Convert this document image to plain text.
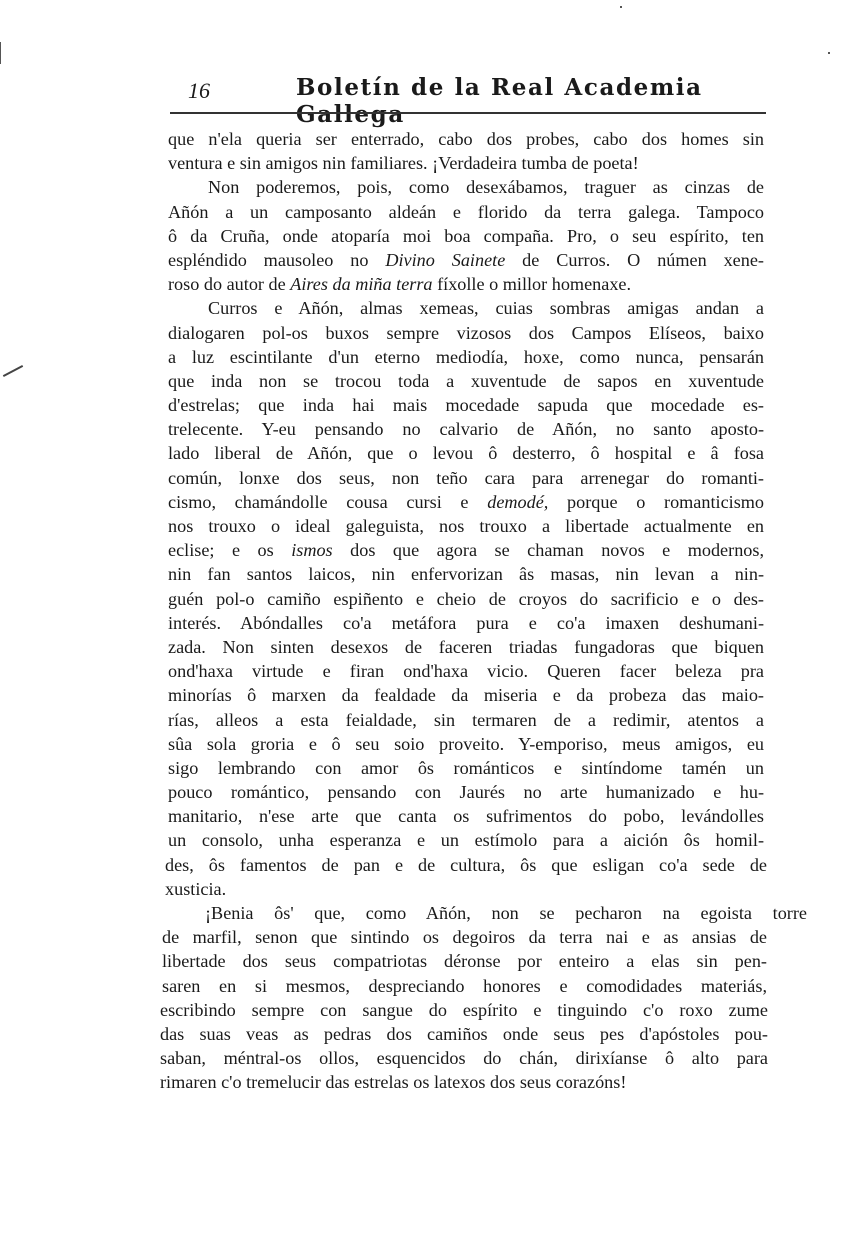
16	Boletín de la Real Academia Gallega
que n'ela queria ser enterrado, cabo dos probes, cabo dos homes sin
ventura e sin amigos nin familiares. ¡Verdadeira tumba de poeta!
Non poderemos, pois, como desexábamos, traguer as cinzas de
Añón a un camposanto aldeán e florido da terra galega. Tampoco
ô da Cruña, onde atoparía moi boa compaña. Pro, o seu espírito, ten
espléndido mausoleo no Divino Sainete de Curros. O númen xene-
roso do autor de Aires da miña terra fíxolle o millor homenaxe.
Curros e Añón, almas xemeas, cuias sombras amigas andan a
dialogaren pol-os buxos sempre vizosos dos Campos Elíseos, baixo
a luz escintilante d'un eterno mediodía, hoxe, como nunca, pensarán
que inda non se trocou toda a xuventude de sapos en xuventude
d'estrelas; que inda hai mais mocedade sapuda que mocedade es-
trelecente. Y-eu pensando no calvario de Añón, no santo aposto-
lado liberal de Añón, que o levou ô desterro, ô hospital e â fosa
común, lonxe dos seus, non teño cara para arrenegar do romanti-
cismo, chamándolle cousa cursi e demodé, porque o romanticismo
nos trouxo o ideal galeguista, nos trouxo a libertade actualmente en
eclise; e os ismos dos que agora se chaman novos e modernos,
nin fan santos laicos, nin enfervorizan âs masas, nin levan a nin-
guén pol-o camiño espiñento e cheio de croyos do sacrificio e o des-
interés. Abóndalles co'a metáfora pura e co'a imaxen deshumani-
zada. Non sinten desexos de faceren triadas fungadoras que biquen
ond'haxa virtude e firan ond'haxa vicio. Queren facer beleza pra
minorías ô marxen da fealdade da miseria e da probeza das maio-
rías, alleos a esta feialdade, sin termaren de a redimir, atentos a
sûa sola groria e ô seu soio proveito. Y-emporiso, meus amigos, eu
sigo lembrando con amor ôs románticos e sintíndome tamén un
pouco romántico, pensando con Jaurés no arte humanizado e hu-
manitario, n'ese arte que canta os sufrimentos do pobo, levándolles
un consolo, unha esperanza e un estímolo para a aición ôs homil-
des, ôs famentos de pan e de cultura, ôs que esligan co'a sede de
xusticia.
¡Benia ôs' que, como Añón, non se pecharon na egoista torre
de marfil, senon que sintindo os degoiros da terra nai e as ansias de
libertade dos seus compatriotas déronse por enteiro a elas sin pen-
saren en si mesmos, despreciando honores e comodidades materiás,
escribindo sempre con sangue do espírito e tinguindo c'o roxo zume
das suas veas as pedras dos camiños onde seus pes d'apóstoles pou-
saban, méntral-os ollos, esquencidos do chán, dirixíanse ô alto para
rimaren c'o tremelucir das estrelas os latexos dos seus corazóns!
